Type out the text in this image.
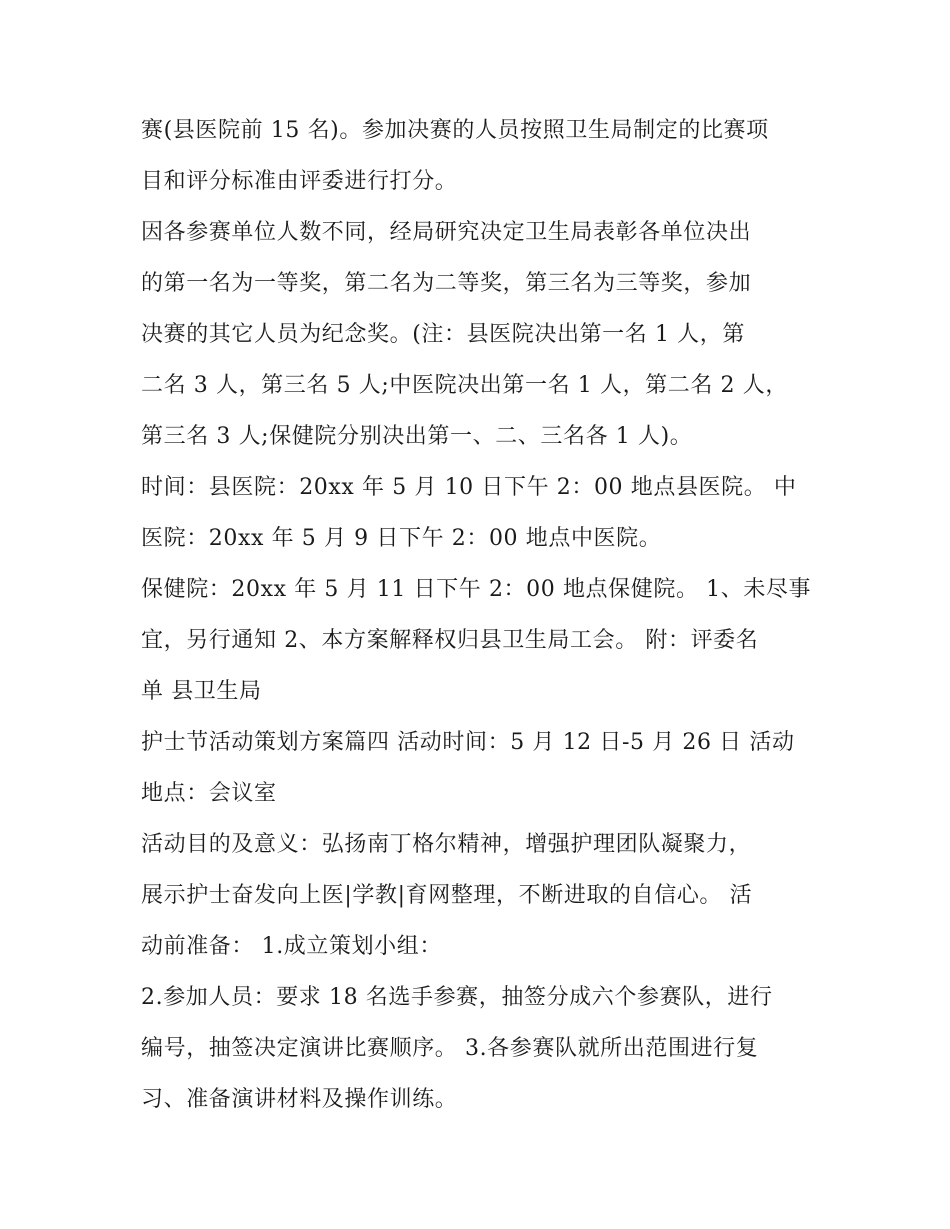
赛(县医院前 15 名)。参加决赛的人员按照卫生局制定的比赛项
目和评分标准由评委进行打分。
因各参赛单位人数不同，经局研究决定卫生局表彰各单位决出
的第一名为一等奖，第二名为二等奖，第三名为三等奖，参加
决赛的其它人员为纪念奖。(注：县医院决出第一名 1 人，第
二名 3 人，第三名 5 人;中医院决出第一名 1 人，第二名 2 人，
第三名 3 人;保健院分别决出第一、二、三名各 1 人)。
时间：县医院：20xx 年 5 月 10 日下午 2：00 地点县医院。 中
医院：20xx 年 5 月 9 日下午 2：00 地点中医院。
保健院：20xx 年 5 月 11 日下午 2：00 地点保健院。 1、未尽事
宜，另行通知 2、本方案解释权归县卫生局工会。 附：评委名
单 县卫生局
护士节活动策划方案篇四 活动时间：5 月 12 日-5 月 26 日 活动
地点：会议室
活动目的及意义：弘扬南丁格尔精神，增强护理团队凝聚力，
展示护士奋发向上医|学教|育网整理，不断进取的自信心。 活
动前准备： 1.成立策划小组：
2.参加人员：要求 18 名选手参赛，抽签分成六个参赛队，进行
编号，抽签决定演讲比赛顺序。 3.各参赛队就所出范围进行复
习、准备演讲材料及操作训练。
